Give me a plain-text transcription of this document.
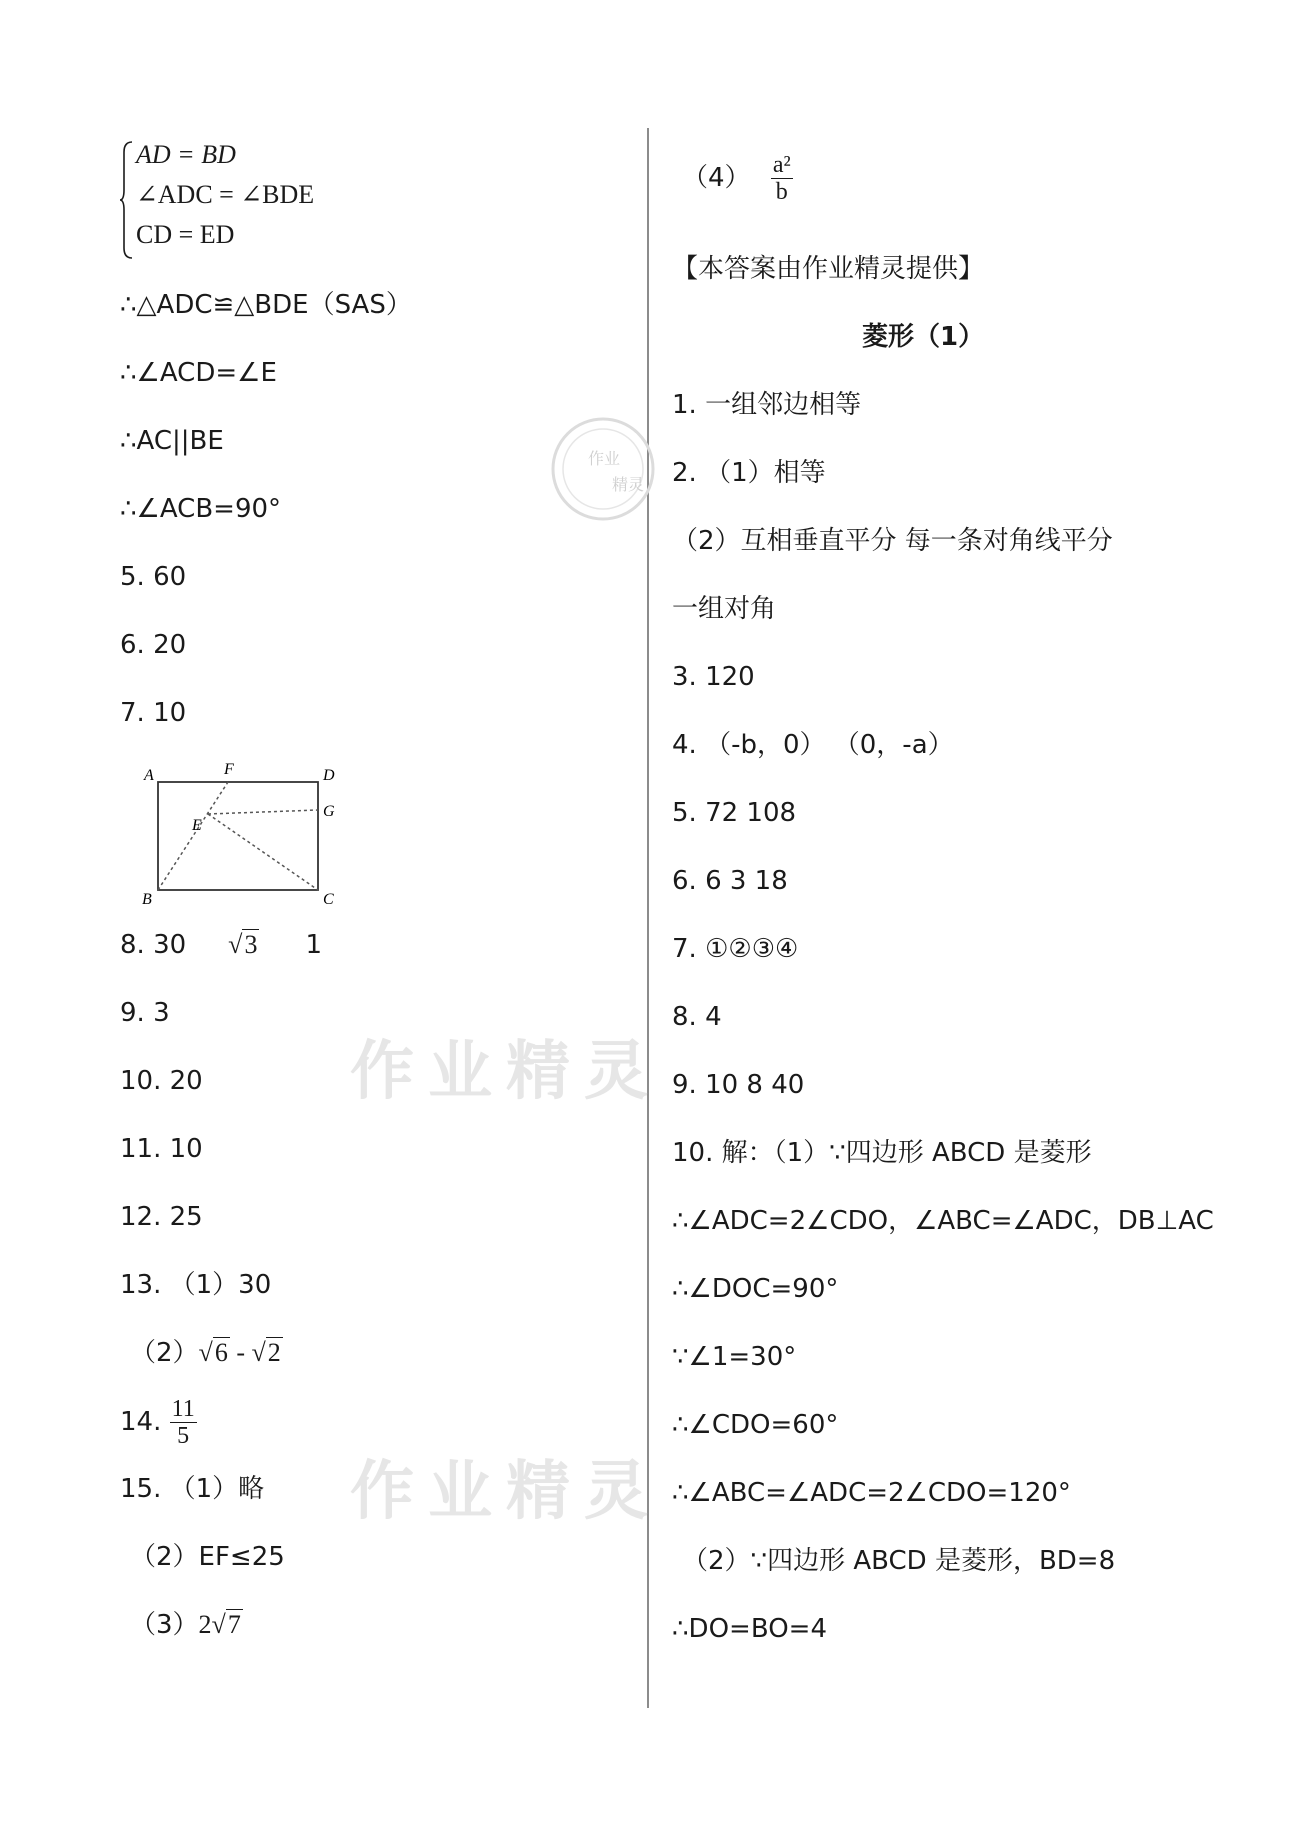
作业精灵
作业精灵
作业
精灵
AD = BD
∠ADC = ∠BDE
CD = ED
∴△ADC≌△BDE（SAS）
∴∠ACD=∠E
∴AC||BE
∴∠ACB=90°
5. 60
6. 20
7. 10
A	F	D
G
E
B	C
8. 30 √3 1
9. 3
10. 20
11. 10
12. 25
13. （1）30
（2）√6 - √2
14. $\frac{11}{5}$
15. （1）略
（2）EF≤25
（3）2√7
$(4) \frac{\text{a²}}{b}$
【本答案由作业精灵提供】
菱形（1）
1. 一组邻边相等
2. （1）相等
（2）互相垂直平分 每一条对角线平分
一组对角
3. 120
4. （-b，0） （0，-a）
5. 72 108
6. 6 3 18
7. ①②③④
8. 4
9. 10 8 40
10. 解：（1）∵四边形 ABCD 是菱形
∴∠ADC=2∠CDO，∠ABC=∠ADC，DB⊥AC
∴∠DOC=90°
∵∠1=30°
∴∠CDO=60°
∴∠ABC=∠ADC=2∠CDO=120°
（2）∵四边形 ABCD 是菱形，BD=8
∴DO=BO=4
